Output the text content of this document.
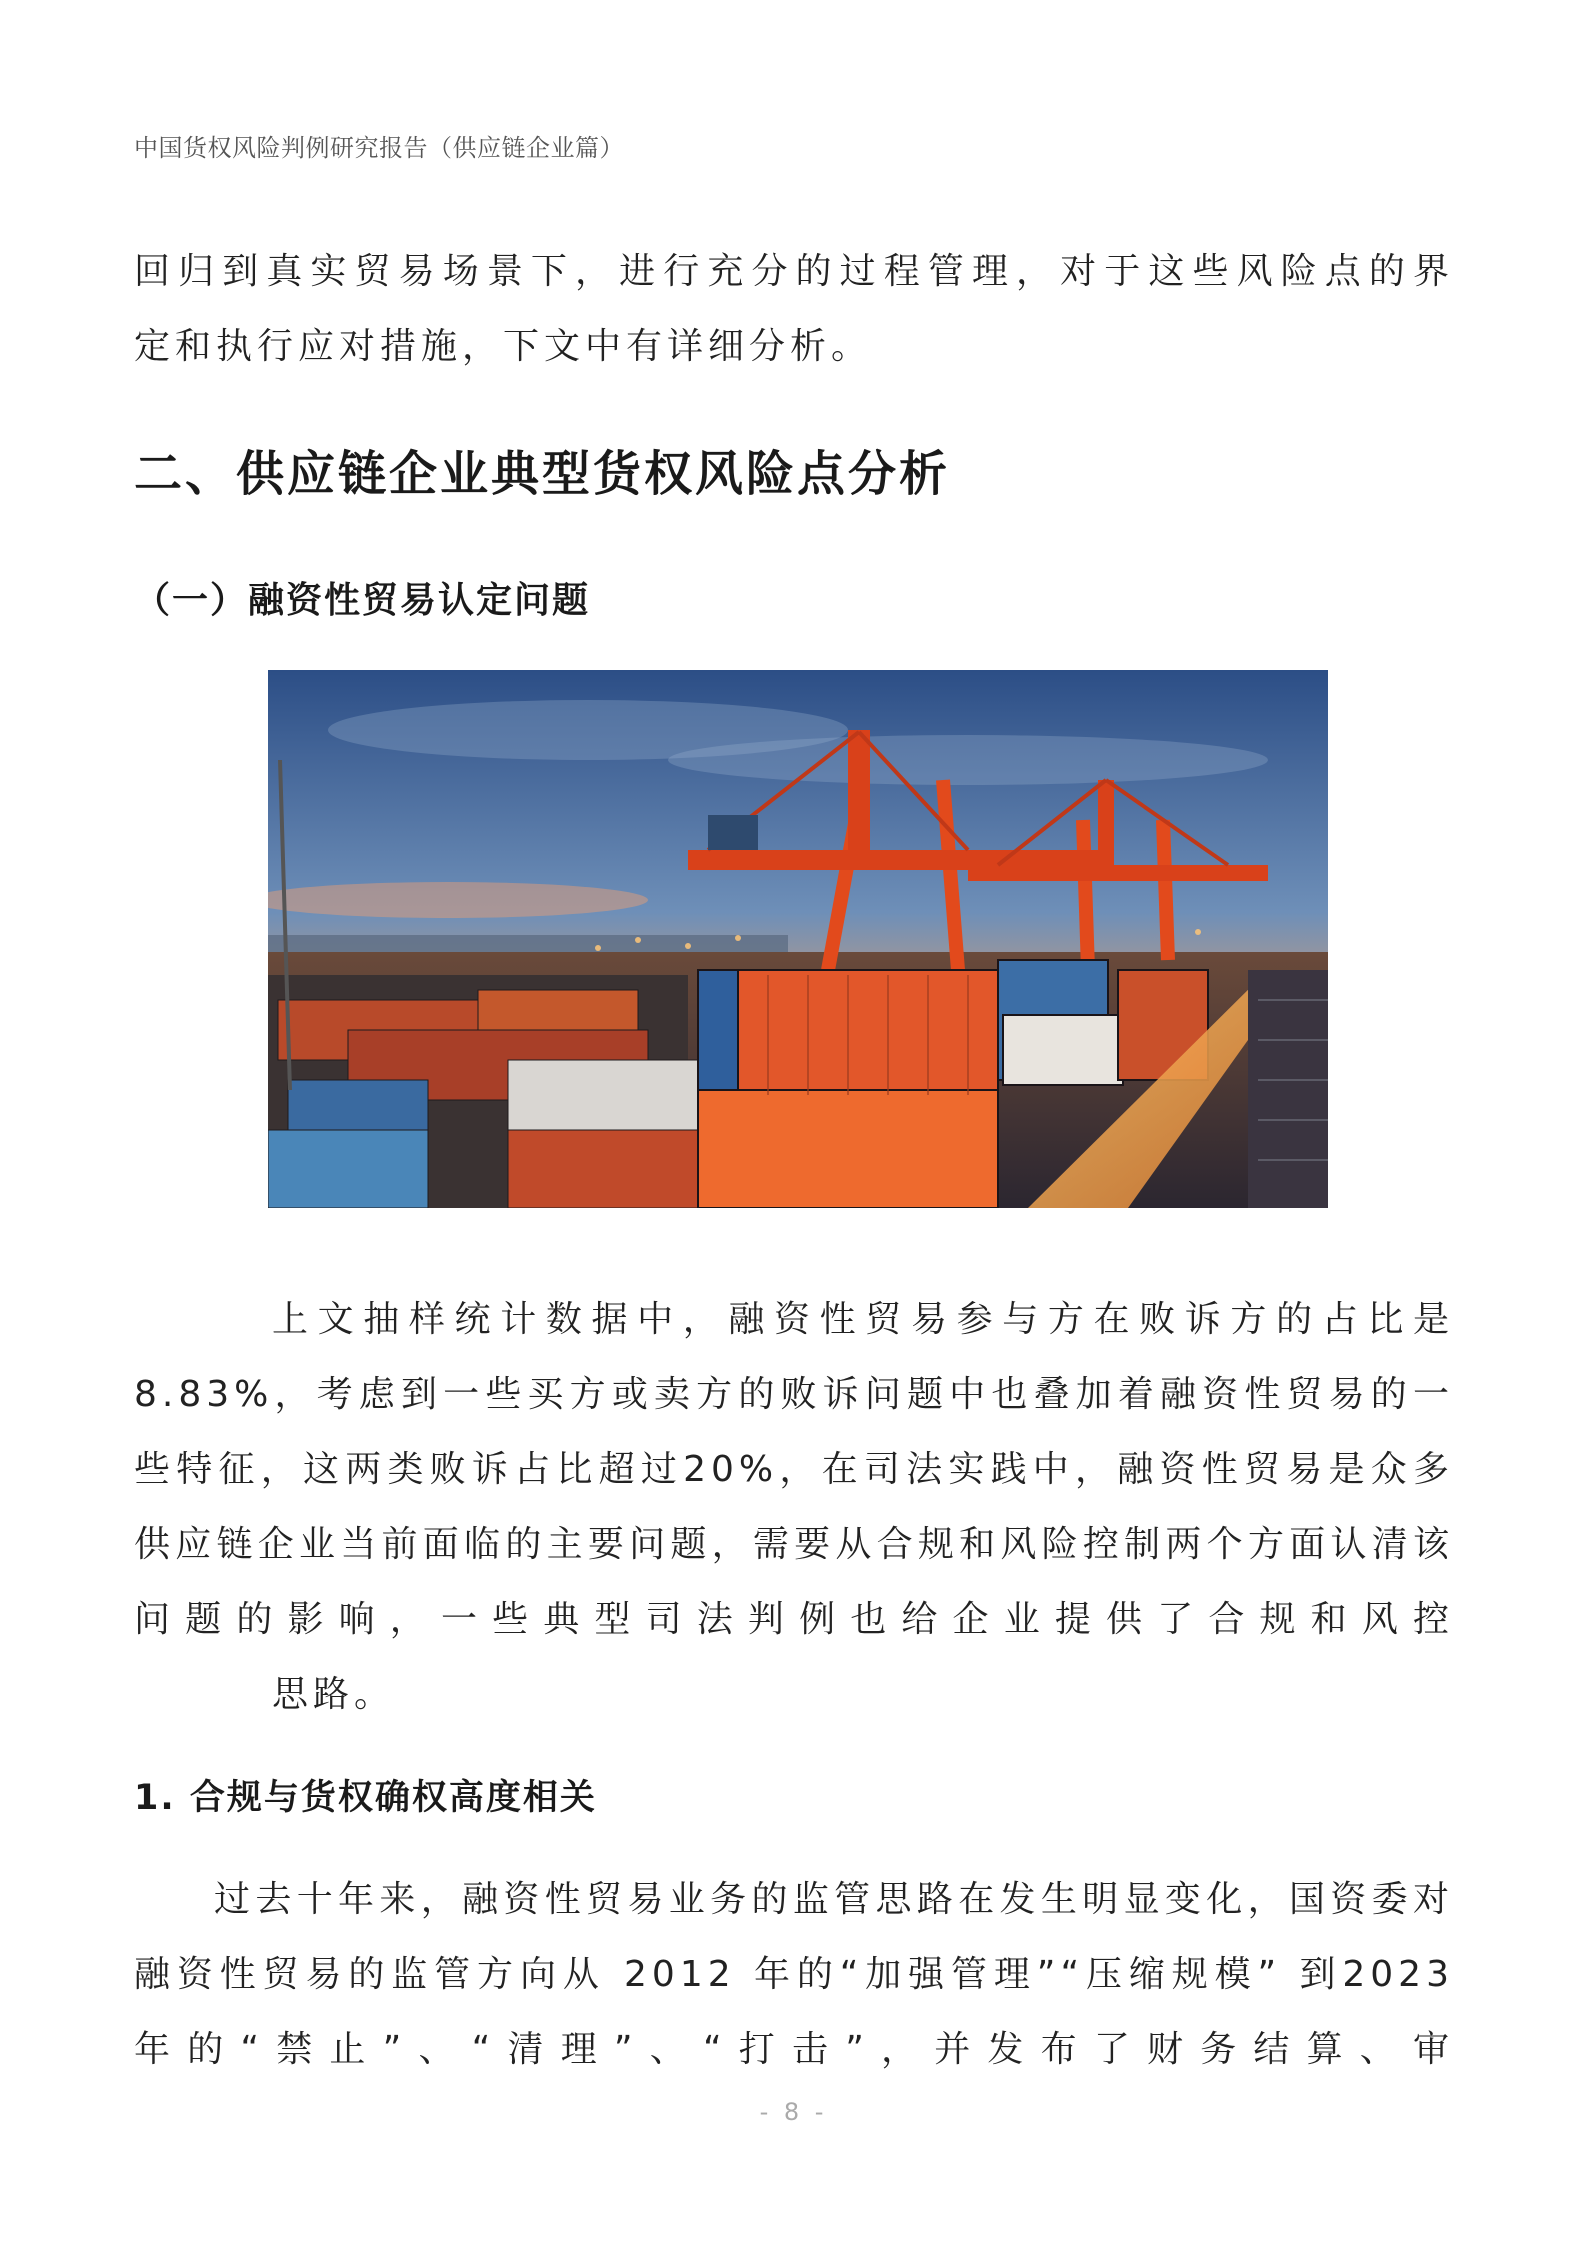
中国货权风险判例研究报告（供应链企业篇）
回归到真实贸易场景下，进行充分的过程管理，对于这些风险点的界
定和执行应对措施，下文中有详细分析。
二、供应链企业典型货权风险点分析
（一）融资性贸易认定问题
上文抽样统计数据中，融资性贸易参与方在败诉方的占比是8.83%，考虑到一些买方或卖方的败诉问题中也叠加着融资性贸易的一些特征，这两类败诉占比超过20%，在司法实践中，融资性贸易是众多供应链企业当前面临的主要问题，需要从合规和风险控制两个方面认清该问题的影响，一些典型司法判例也给企业提供了合规和风控
思路。
1. 合规与货权确权高度相关
过去十年来，融资性贸易业务的监管思路在发生明显变化，国资委对融资性贸易的监管方向从 2012 年的“加强管理”“压缩规模” 到2023 年的“禁止”、“清理”、“打击”，并发布了财务结算、审
- 8 -
